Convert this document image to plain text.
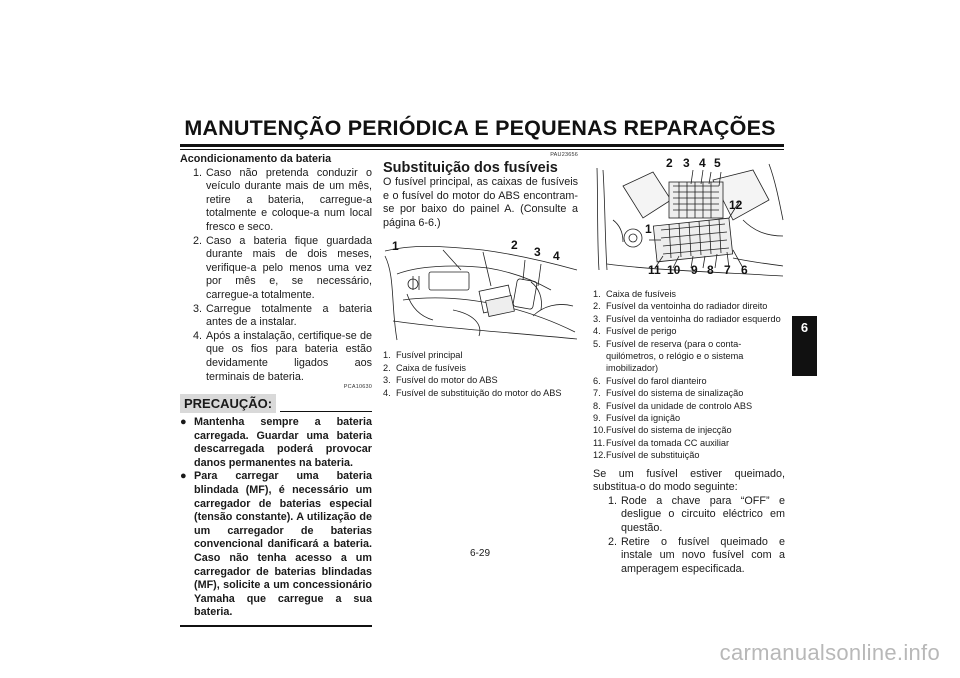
MANUTENÇÃO PERIÓDICA E PEQUENAS REPARAÇÕES
Acondicionamento da bateria
1. Caso não pretenda conduzir o veículo durante mais de um mês, retire a bateria, carregue-a totalmente e coloque-a num local fresco e seco.
2. Caso a bateria fique guardada durante mais de dois meses, verifique-a pelo menos uma vez por mês e, se necessário, carregue-a totalmente.
3. Carregue totalmente a bateria antes de a instalar.
4. Após a instalação, certifique-se de que os fios para bateria estão devidamente ligados aos terminais de bateria.
PCA10630
PRECAUÇÃO:
● Mantenha sempre a bateria carregada. Guardar uma bateria descarregada poderá provocar danos permanentes na bateria.
● Para carregar uma bateria blindada (MF), é necessário um carregador de baterias especial (tensão constante). A utilização de um carregador de baterias convencional danificará a bateria. Caso não tenha acesso a um carregador de baterias blindadas (MF), solicite a um concessionário Yamaha que carregue a sua bateria.
PAU23656
Substituição dos fusíveis
O fusível principal, as caixas de fusíveis e o fusível do motor do ABS encontram-se por baixo do painel A. (Consulte a página 6-6.)
1	2 3 4
1. Fusível principal
2. Caixa de fusíveis
3. Fusível do motor do ABS
4. Fusível de substituição do motor do ABS
2 3 4 5
12
1
11 10 9 8 7 6
1. Caixa de fusíveis
2. Fusível da ventoinha do radiador direito
3. Fusível da ventoinha do radiador esquerdo
4. Fusível de perigo
5. Fusível de reserva (para o conta-quilómetros, o relógio e o sistema imobilizador)
6. Fusível do farol dianteiro
7. Fusível do sistema de sinalização
8. Fusível da unidade de controlo ABS
9. Fusível da ignição
10. Fusível do sistema de injecção
11. Fusível da tomada CC auxiliar
12. Fusível de substituição
Se um fusível estiver queimado, substitua-o do modo seguinte:
1. Rode a chave para “OFF” e desligue o circuito eléctrico em questão.
2. Retire o fusível queimado e instale um novo fusível com a amperagem especificada.
6
6-29
carmanualsonline.info
